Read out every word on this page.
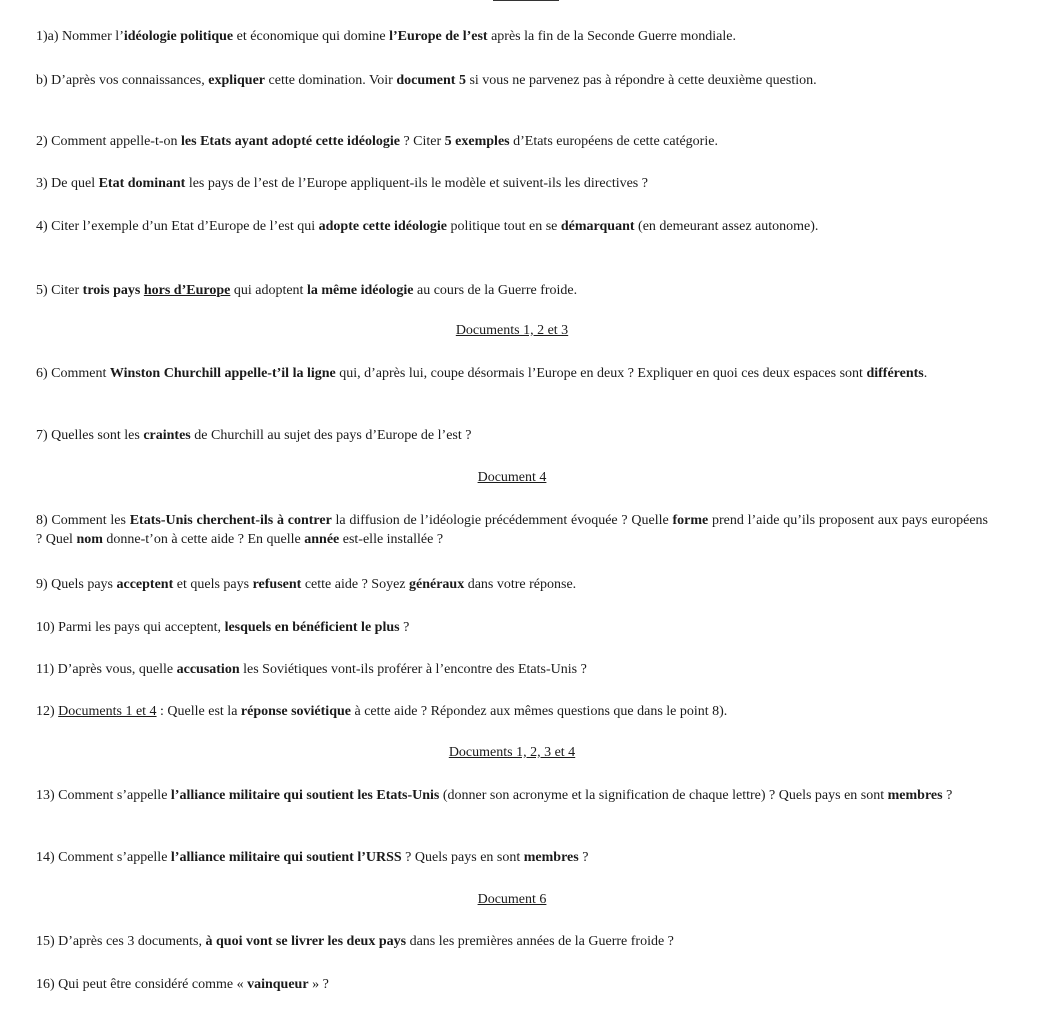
1)a) Nommer l’idéologie politique et économique qui domine l’Europe de l’est après la fin de la Seconde Guerre mondiale.

b) D’après vos connaissances, expliquer cette domination. Voir document 5 si vous ne parvenez pas à répondre à cette deuxième question.

2) Comment appelle-t-on les Etats ayant adopté cette idéologie ? Citer 5 exemples d’Etats européens de cette catégorie.

3) De quel Etat dominant les pays de l’est de l’Europe appliquent-ils le modèle et suivent-ils les directives ?

4) Citer l’exemple d’un Etat d’Europe de l’est qui adopte cette idéologie politique tout en se démarquant (en demeurant assez autonome).

5) Citer trois pays hors d’Europe qui adoptent la même idéologie au cours de la Guerre froide.

Documents 1, 2 et 3

6) Comment Winston Churchill appelle-t’il la ligne qui, d’après lui, coupe désormais l’Europe en deux ? Expliquer en quoi ces deux espaces sont différents.

7) Quelles sont les craintes de Churchill au sujet des pays d’Europe de l’est ?

Document 4

8) Comment les Etats-Unis cherchent-ils à contrer la diffusion de l’idéologie précédemment évoquée ? Quelle forme prend l’aide qu’ils proposent aux pays européens ? Quel nom donne-t’on à cette aide ? En quelle année est-elle installée ?

9) Quels pays acceptent et quels pays refusent cette aide ? Soyez généraux dans votre réponse.

10) Parmi les pays qui acceptent, lesquels en bénéficient le plus ?

11) D’après vous, quelle accusation les Soviétiques vont-ils proférer à l’encontre des Etats-Unis ?

12) Documents 1 et 4 : Quelle est la réponse soviétique à cette aide ? Répondez aux mêmes questions que dans le point 8).

Documents 1, 2, 3 et 4

13) Comment s’appelle l’alliance militaire qui soutient les Etats-Unis (donner son acronyme et la signification de chaque lettre) ? Quels pays en sont membres ?

14) Comment s’appelle l’alliance militaire qui soutient l’URSS ? Quels pays en sont membres ?

Document 6

15) D’après ces 3 documents, à quoi vont se livrer les deux pays dans les premières années de la Guerre froide ?

16) Qui peut être considéré comme « vainqueur » ?
